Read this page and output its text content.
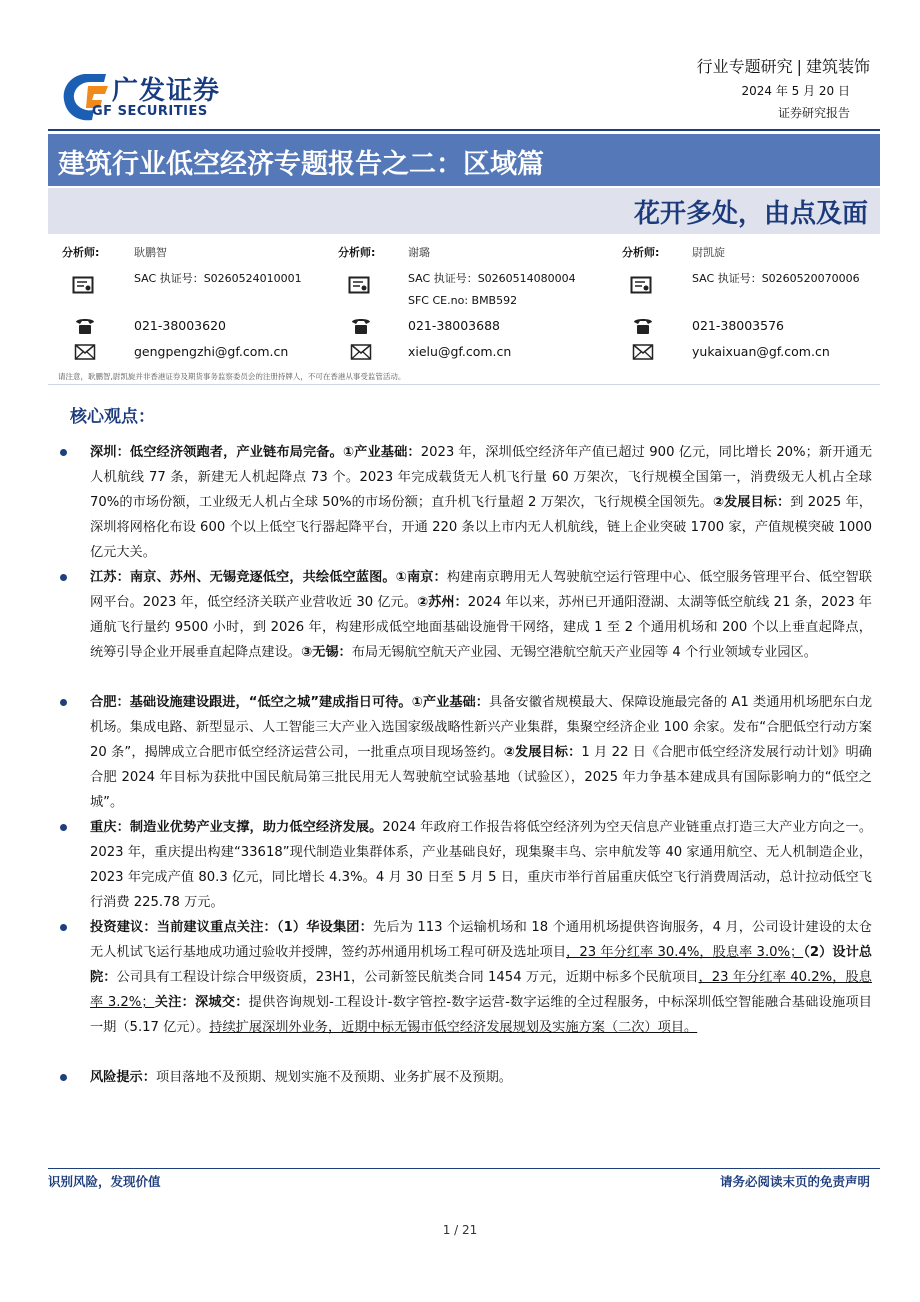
广发证券
GF SECURITIES
行业专题研究 | 建筑装饰
2024 年 5 月 20 日
证券研究报告
建筑行业低空经济专题报告之二：区域篇
花开多处，由点及面
分析师:	耿鹏智
SAC 执证号：S0260524010001
021-38003620
gengpengzhi@gf.com.cn
分析师:	谢璐
SAC 执证号：S0260514080004
SFC CE.no: BMB592
021-38003688
xielu@gf.com.cn
分析师:	尉凯旋
SAC 执证号：S0260520070006
021-38003576
yukaixuan@gf.com.cn
请注意，耿鹏智,尉凯旋并非香港证券及期货事务监察委员会的注册持牌人，不可在香港从事受监管活动。
核心观点：
深圳：低空经济领跑者，产业链布局完备。①产业基础：2023 年，深圳低空经济年产值已超过 900 亿元，同比增长 20%；新开通无人机航线 77 条，新建无人机起降点 73 个。2023 年完成载货无人机飞行量 60 万架次，飞行规模全国第一，消费级无人机占全球 70%的市场份额，工业级无人机占全球 50%的市场份额；直升机飞行量超 2 万架次，飞行规模全国领先。②发展目标：到 2025 年，深圳将网格化布设 600 个以上低空飞行器起降平台，开通 220 条以上市内无人机航线，链上企业突破 1700 家，产值规模突破 1000 亿元大关。
江苏：南京、苏州、无锡竞逐低空，共绘低空蓝图。①南京：构建南京聘用无人驾驶航空运行管理中心、低空服务管理平台、低空智联网平台。2023 年，低空经济关联产业营收近 30 亿元。②苏州：2024 年以来，苏州已开通阳澄湖、太湖等低空航线 21 条，2023 年通航飞行量约 9500 小时，到 2026 年，构建形成低空地面基础设施骨干网络，建成 1 至 2 个通用机场和 200 个以上垂直起降点，统筹引导企业开展垂直起降点建设。③无锡：布局无锡航空航天产业园、无锡空港航空航天产业园等 4 个行业领域专业园区。
合肥：基础设施建设跟进，“低空之城”建成指日可待。①产业基础：具备安徽省规模最大、保障设施最完备的 A1 类通用机场肥东白龙机场。集成电路、新型显示、人工智能三大产业入选国家级战略性新兴产业集群，集聚空经济企业 100 余家。发布“合肥低空行动方案 20 条”，揭牌成立合肥市低空经济运营公司，一批重点项目现场签约。②发展目标：1 月 22 日《合肥市低空经济发展行动计划》明确合肥 2024 年目标为获批中国民航局第三批民用无人驾驶航空试验基地（试验区），2025 年力争基本建成具有国际影响力的“低空之城”。
重庆：制造业优势产业支撑，助力低空经济发展。2024 年政府工作报告将低空经济列为空天信息产业链重点打造三大产业方向之一。2023 年，重庆提出构建“33618”现代制造业集群体系，产业基础良好，现集聚丰鸟、宗申航发等 40 家通用航空、无人机制造企业，2023 年完成产值 80.3 亿元，同比增长 4.3%。4 月 30 日至 5 月 5 日，重庆市举行首届重庆低空飞行消费周活动，总计拉动低空飞行消费 225.78 万元。
投资建议：当前建议重点关注：（1）华设集团：先后为 113 个运输机场和 18 个通用机场提供咨询服务，4 月，公司设计建设的太仓无人机试飞运行基地成功通过验收并授牌，签约苏州通用机场工程可研及选址项目，23 年分红率 30.4%，股息率 3.0%；（2）设计总院：公司具有工程设计综合甲级资质，23H1，公司新签民航类合同 1454 万元，近期中标多个民航项目，23 年分红率 40.2%，股息率 3.2%；关注：深城交：提供咨询规划-工程设计-数字管控-数字运营-数字运维的全过程服务，中标深圳低空智能融合基础设施项目一期（5.17 亿元）。持续扩展深圳外业务，近期中标无锡市低空经济发展规划及实施方案（二次）项目。
风险提示：项目落地不及预期、规划实施不及预期、业务扩展不及预期。
识别风险，发现价值	请务必阅读末页的免责声明
1 / 21
